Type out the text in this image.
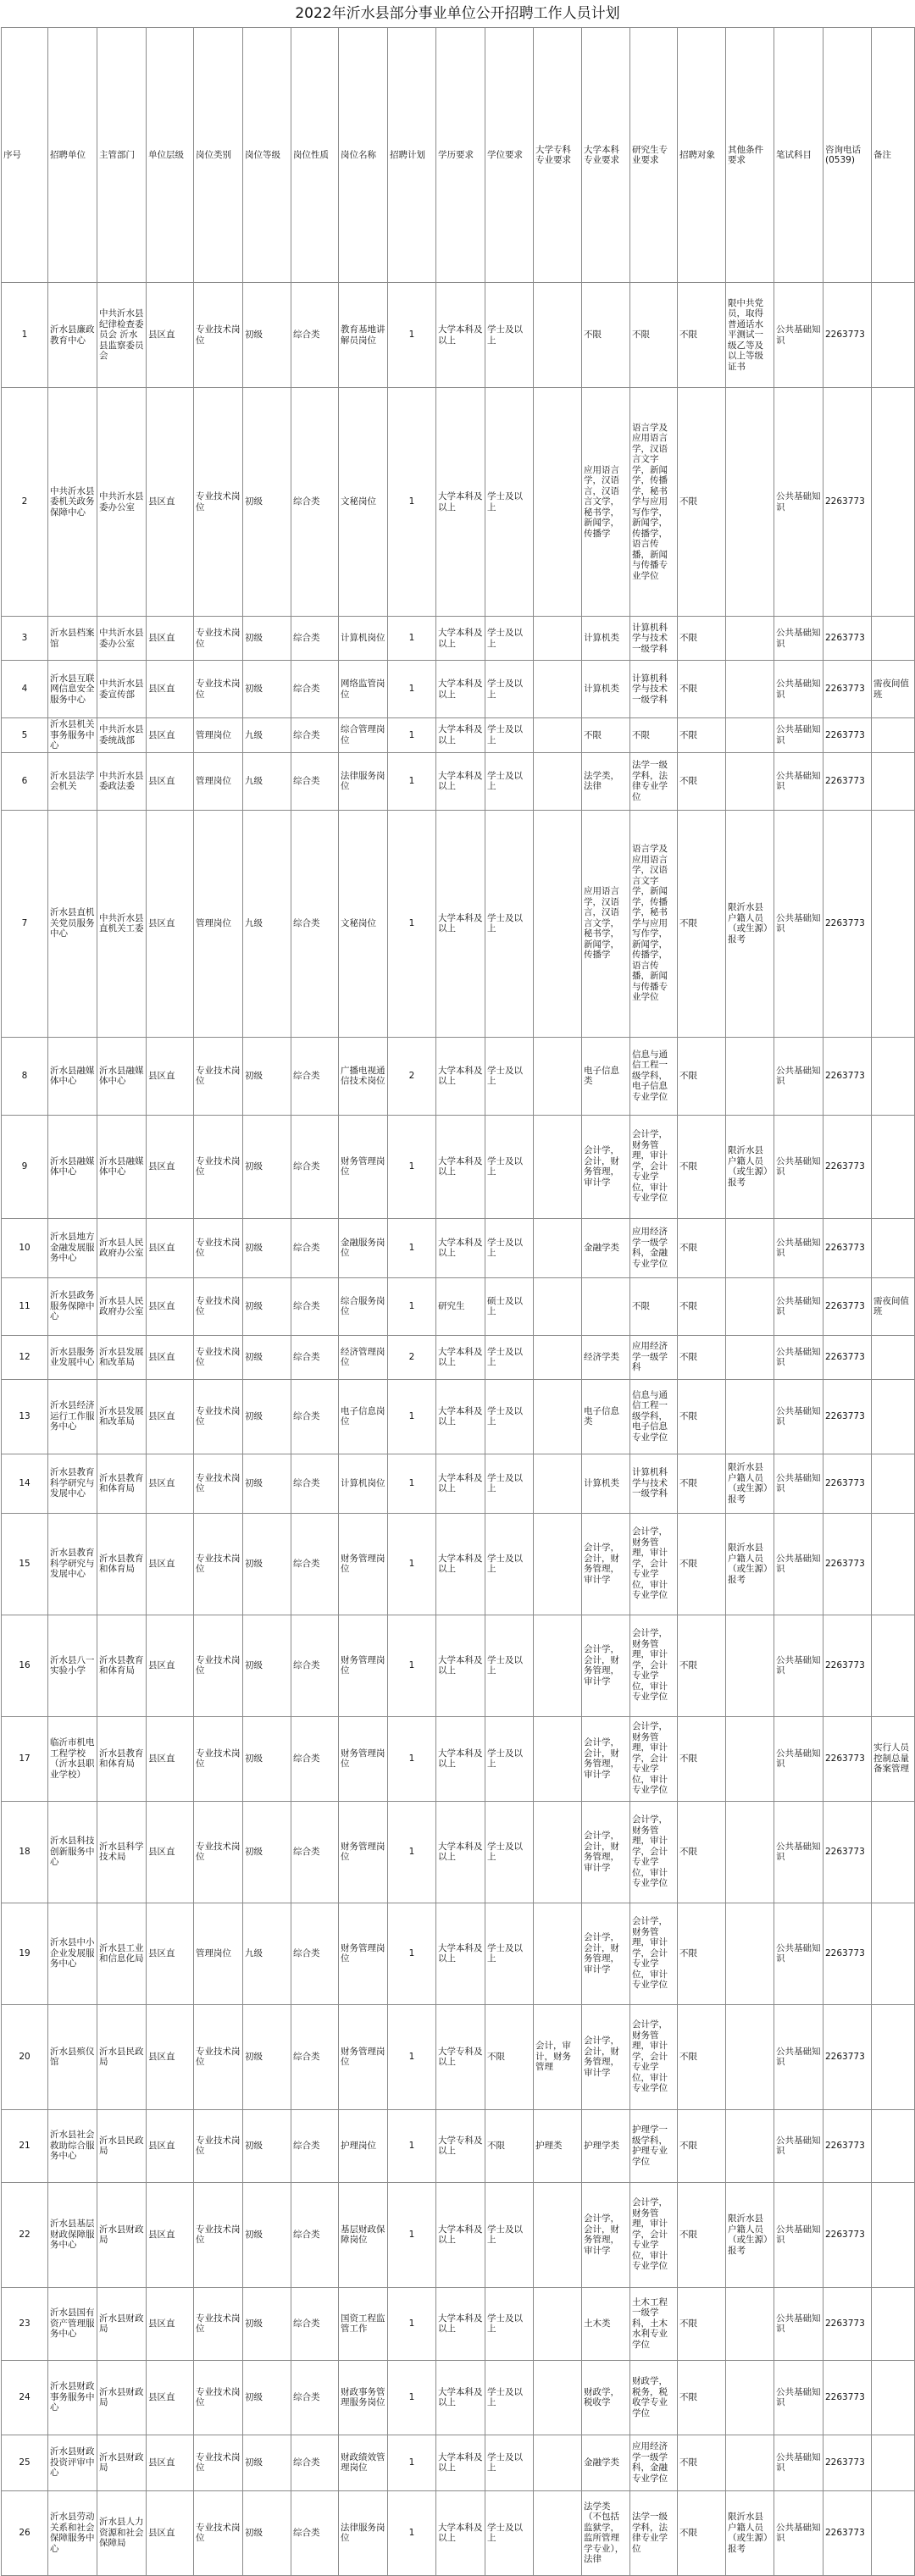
2022年沂水县部分事业单位公开招聘工作人员计划
序号	招聘单位	主管部门	单位层级	岗位类别	岗位等级	岗位性质	岗位名称	招聘计划	学历要求	学位要求	大学专科专业要求	大学本科专业要求	研究生专业要求	招聘对象	其他条件要求	笔试科目	咨询电话(0539)	备注
1	沂水县廉政教育中心	中共沂水县纪律检查委员会 沂水县监察委员会	县区直	专业技术岗位	初级	综合类	教育基地讲解员岗位	1	大学本科及以上	学士及以上		不限	不限	不限	限中共党员，取得普通话水平测试一级乙等及以上等级证书	公共基础知识	2263773	
2	中共沂水县委机关政务保障中心	中共沂水县委办公室	县区直	专业技术岗位	初级	综合类	文秘岗位	1	大学本科及以上	学士及以上		应用语言学，汉语言，汉语言文学，秘书学，新闻学，传播学	语言学及应用语言学，汉语言文字学，新闻学，传播学，秘书学与应用写作学，新闻学，传播学，语言传播，新闻与传播专业学位	不限		公共基础知识	2263773	
3	沂水县档案馆	中共沂水县委办公室	县区直	专业技术岗位	初级	综合类	计算机岗位	1	大学本科及以上	学士及以上		计算机类	计算机科学与技术一级学科	不限		公共基础知识	2263773	
4	沂水县互联网信息安全服务中心	中共沂水县委宣传部	县区直	专业技术岗位	初级	综合类	网络监管岗位	1	大学本科及以上	学士及以上		计算机类	计算机科学与技术一级学科	不限		公共基础知识	2263773	需夜间值班
5	沂水县机关事务服务中心	中共沂水县委统战部	县区直	管理岗位	九级	综合类	综合管理岗位	1	大学本科及以上	学士及以上		不限	不限	不限		公共基础知识	2263773	
6	沂水县法学会机关	中共沂水县委政法委	县区直	管理岗位	九级	综合类	法律服务岗位	1	大学本科及以上	学士及以上		法学类，法律	法学一级学科，法律专业学位	不限		公共基础知识	2263773	
7	沂水县直机关党员服务中心	中共沂水县直机关工委	县区直	管理岗位	九级	综合类	文秘岗位	1	大学本科及以上	学士及以上		应用语言学，汉语言，汉语言文学，秘书学，新闻学，传播学	语言学及应用语言学，汉语言文字学，新闻学，传播学，秘书学与应用写作学，新闻学，传播学，语言传播，新闻与传播专业学位	不限	限沂水县户籍人员（或生源）报考	公共基础知识	2263773	
8	沂水县融媒体中心	沂水县融媒体中心	县区直	专业技术岗位	初级	综合类	广播电视通信技术岗位	2	大学本科及以上	学士及以上		电子信息类	信息与通信工程一级学科，电子信息专业学位	不限		公共基础知识	2263773	
9	沂水县融媒体中心	沂水县融媒体中心	县区直	专业技术岗位	初级	综合类	财务管理岗位	1	大学本科及以上	学士及以上		会计学，会计，财务管理，审计学	会计学，财务管理，审计学，会计专业学位，审计专业学位	不限	限沂水县户籍人员（或生源）报考	公共基础知识	2263773	
10	沂水县地方金融发展服务中心	沂水县人民政府办公室	县区直	专业技术岗位	初级	综合类	金融服务岗位	1	大学本科及以上	学士及以上		金融学类	应用经济学一级学科，金融专业学位	不限		公共基础知识	2263773	
11	沂水县政务服务保障中心	沂水县人民政府办公室	县区直	专业技术岗位	初级	综合类	综合服务岗位	1	研究生	硕士及以上			不限	不限		公共基础知识	2263773	需夜间值班
12	沂水县服务业发展中心	沂水县发展和改革局	县区直	专业技术岗位	初级	综合类	经济管理岗位	2	大学本科及以上	学士及以上		经济学类	应用经济学一级学科	不限		公共基础知识	2263773	
13	沂水县经济运行工作服务中心	沂水县发展和改革局	县区直	专业技术岗位	初级	综合类	电子信息岗位	1	大学本科及以上	学士及以上		电子信息类	信息与通信工程一级学科，电子信息专业学位	不限		公共基础知识	2263773	
14	沂水县教育科学研究与发展中心	沂水县教育和体育局	县区直	专业技术岗位	初级	综合类	计算机岗位	1	大学本科及以上	学士及以上		计算机类	计算机科学与技术一级学科	不限	限沂水县户籍人员（或生源）报考	公共基础知识	2263773	
15	沂水县教育科学研究与发展中心	沂水县教育和体育局	县区直	专业技术岗位	初级	综合类	财务管理岗位	1	大学本科及以上	学士及以上		会计学，会计，财务管理，审计学	会计学，财务管理，审计学，会计专业学位，审计专业学位	不限	限沂水县户籍人员（或生源）报考	公共基础知识	2263773	
16	沂水县八一实验小学	沂水县教育和体育局	县区直	专业技术岗位	初级	综合类	财务管理岗位	1	大学本科及以上	学士及以上		会计学，会计，财务管理，审计学	会计学，财务管理，审计学，会计专业学位，审计专业学位	不限		公共基础知识	2263773	
17	临沂市机电工程学校（沂水县职业学校）	沂水县教育和体育局	县区直	专业技术岗位	初级	综合类	财务管理岗位	1	大学本科及以上	学士及以上		会计学，会计，财务管理，审计学	会计学，财务管理，审计学，会计专业学位，审计专业学位	不限		公共基础知识	2263773	实行人员控制总量备案管理
18	沂水县科技创新服务中心	沂水县科学技术局	县区直	专业技术岗位	初级	综合类	财务管理岗位	1	大学本科及以上	学士及以上		会计学，会计，财务管理，审计学	会计学，财务管理，审计学，会计专业学位，审计专业学位	不限		公共基础知识	2263773	
19	沂水县中小企业发展服务中心	沂水县工业和信息化局	县区直	管理岗位	九级	综合类	财务管理岗位	1	大学本科及以上	学士及以上		会计学，会计，财务管理，审计学	会计学，财务管理，审计学，会计专业学位，审计专业学位	不限		公共基础知识	2263773	
20	沂水县殡仪馆	沂水县民政局	县区直	专业技术岗位	初级	综合类	财务管理岗位	1	大学专科及以上	不限	会计，审计，财务管理	会计学，会计，财务管理，审计学	会计学，财务管理，审计学，会计专业学位，审计专业学位	不限		公共基础知识	2263773	
21	沂水县社会救助综合服务中心	沂水县民政局	县区直	专业技术岗位	初级	综合类	护理岗位	1	大学专科及以上	不限	护理类	护理学类	护理学一级学科，护理专业学位	不限		公共基础知识	2263773	
22	沂水县基层财政保障服务中心	沂水县财政局	县区直	专业技术岗位	初级	综合类	基层财政保障岗位	1	大学本科及以上	学士及以上		会计学，会计，财务管理，审计学	会计学，财务管理，审计学，会计专业学位，审计专业学位	不限	限沂水县户籍人员（或生源）报考	公共基础知识	2263773	
23	沂水县国有资产管理服务中心	沂水县财政局	县区直	专业技术岗位	初级	综合类	国资工程监管工作	1	大学本科及以上	学士及以上		土木类	土木工程一级学科，土木水利专业学位	不限		公共基础知识	2263773	
24	沂水县财政事务服务中心	沂水县财政局	县区直	专业技术岗位	初级	综合类	财政事务管理服务岗位	1	大学本科及以上	学士及以上		财政学，税收学	财政学，税务，税收学专业学位	不限		公共基础知识	2263773	
25	沂水县财政投资评审中心	沂水县财政局	县区直	专业技术岗位	初级	综合类	财政绩效管理岗位	1	大学本科及以上	学士及以上		金融学类	应用经济学一级学科，金融专业学位	不限		公共基础知识	2263773	
26	沂水县劳动关系和社会保障服务中心	沂水县人力资源和社会保障局	县区直	专业技术岗位	初级	综合类	法律服务岗位	1	大学本科及以上	学士及以上		法学类（不包括监狱学，监所管理学专业），法律	法学一级学科，法律专业学位	不限	限沂水县户籍人员（或生源）报考	公共基础知识	2263773	
